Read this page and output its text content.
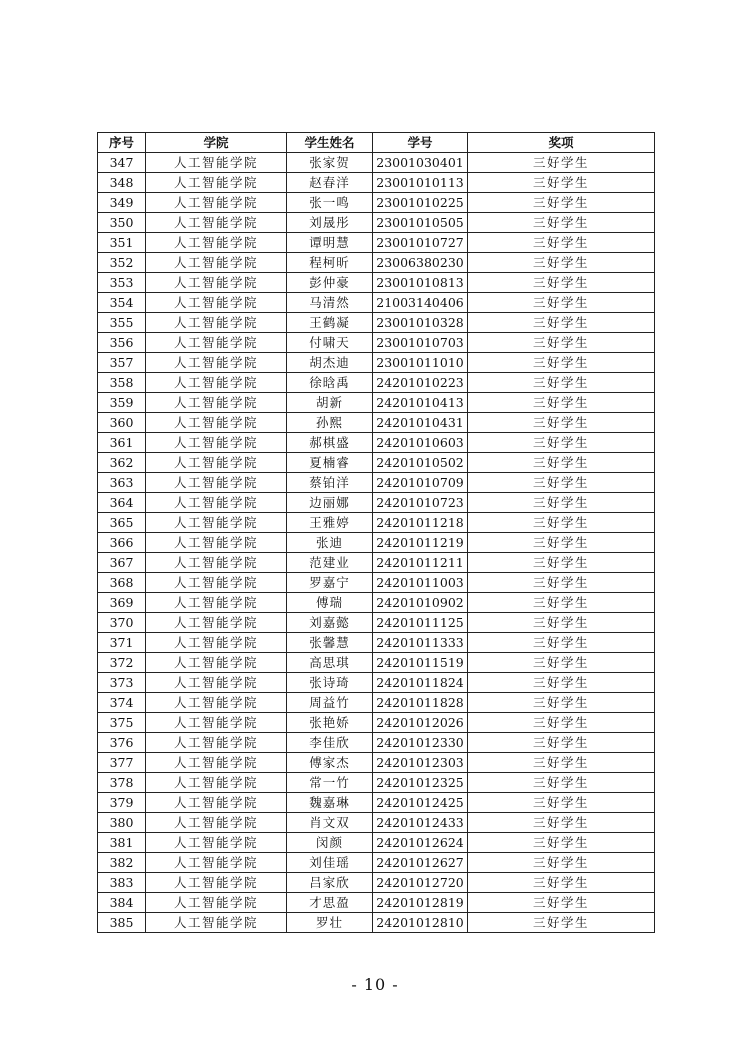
序号	学院	学生姓名	学号	奖项
347	人工智能学院	张家贺	23001030401	三好学生
348	人工智能学院	赵春洋	23001010113	三好学生
349	人工智能学院	张一鸣	23001010225	三好学生
350	人工智能学院	刘晟彤	23001010505	三好学生
351	人工智能学院	谭明慧	23001010727	三好学生
352	人工智能学院	程柯昕	23006380230	三好学生
353	人工智能学院	彭仲豪	23001010813	三好学生
354	人工智能学院	马清然	21003140406	三好学生
355	人工智能学院	王鹤凝	23001010328	三好学生
356	人工智能学院	付啸天	23001010703	三好学生
357	人工智能学院	胡杰迪	23001011010	三好学生
358	人工智能学院	徐晗禹	24201010223	三好学生
359	人工智能学院	胡新	24201010413	三好学生
360	人工智能学院	孙熙	24201010431	三好学生
361	人工智能学院	郝棋盛	24201010603	三好学生
362	人工智能学院	夏楠睿	24201010502	三好学生
363	人工智能学院	蔡铂洋	24201010709	三好学生
364	人工智能学院	边丽娜	24201010723	三好学生
365	人工智能学院	王雅婷	24201011218	三好学生
366	人工智能学院	张迪	24201011219	三好学生
367	人工智能学院	范建业	24201011211	三好学生
368	人工智能学院	罗嘉宁	24201011003	三好学生
369	人工智能学院	傅瑞	24201010902	三好学生
370	人工智能学院	刘嘉懿	24201011125	三好学生
371	人工智能学院	张馨慧	24201011333	三好学生
372	人工智能学院	高思琪	24201011519	三好学生
373	人工智能学院	张诗琦	24201011824	三好学生
374	人工智能学院	周益竹	24201011828	三好学生
375	人工智能学院	张艳娇	24201012026	三好学生
376	人工智能学院	李佳欣	24201012330	三好学生
377	人工智能学院	傅家杰	24201012303	三好学生
378	人工智能学院	常一竹	24201012325	三好学生
379	人工智能学院	魏嘉琳	24201012425	三好学生
380	人工智能学院	肖文双	24201012433	三好学生
381	人工智能学院	闵颜	24201012624	三好学生
382	人工智能学院	刘佳瑶	24201012627	三好学生
383	人工智能学院	吕家欣	24201012720	三好学生
384	人工智能学院	才思盈	24201012819	三好学生
385	人工智能学院	罗壮	24201012810	三好学生
- 10 -
